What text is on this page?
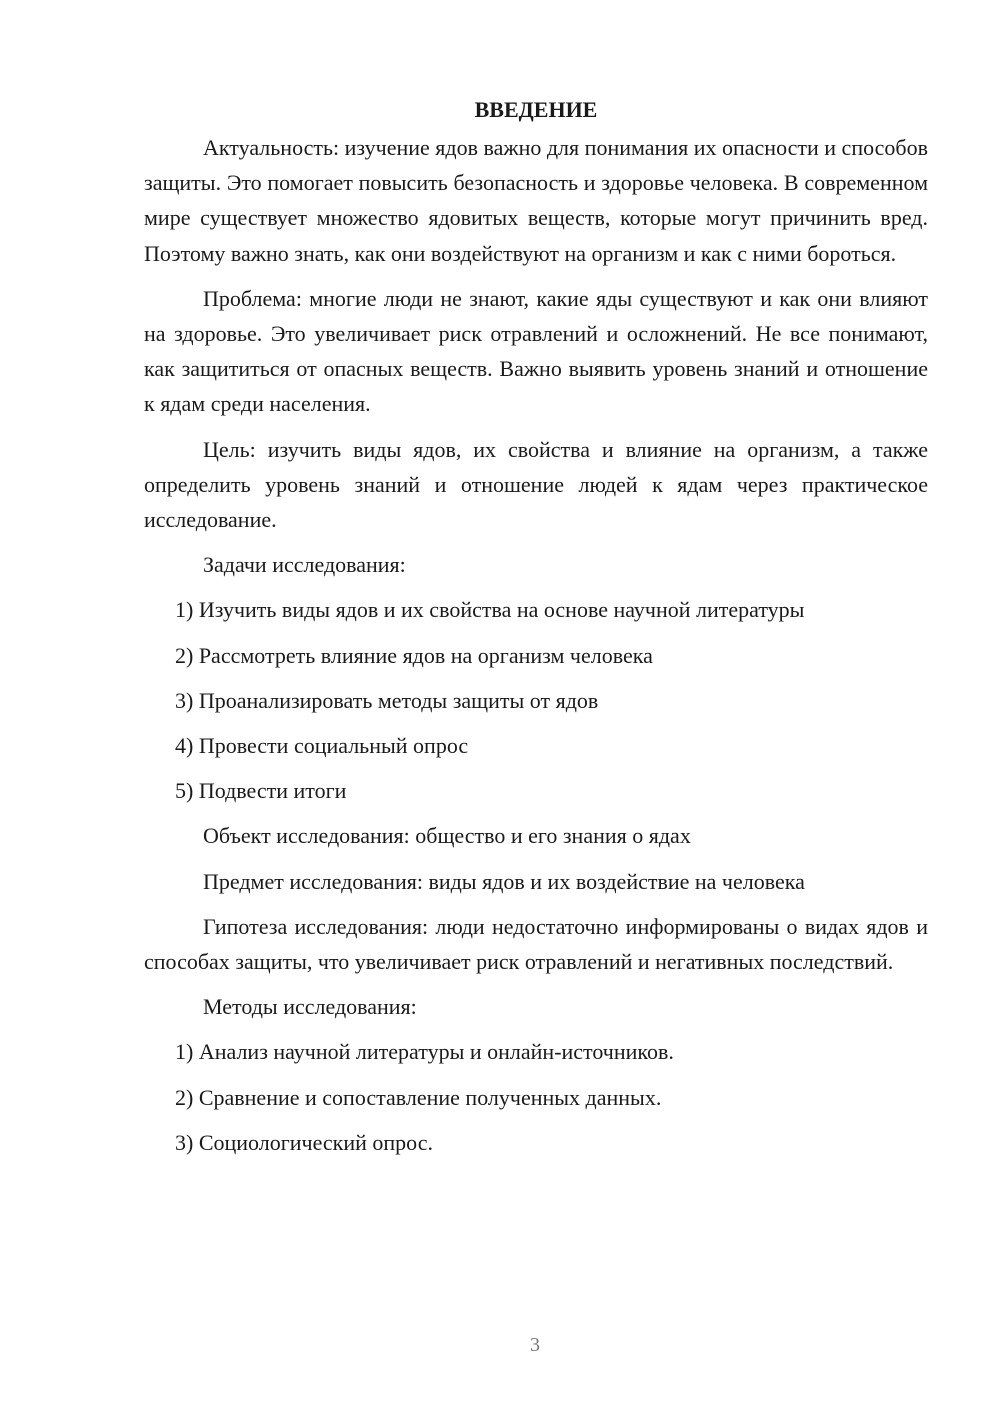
ВВЕДЕНИЕ

Актуальность: изучение ядов важно для понимания их опасности и способов защиты. Это помогает повысить безопасность и здоровье человека. В современном мире существует множество ядовитых веществ, которые могут причинить вред. Поэтому важно знать, как они воздействуют на организм и как с ними бороться.

Проблема: многие люди не знают, какие яды существуют и как они влияют на здоровье. Это увеличивает риск отравлений и осложнений. Не все понимают, как защититься от опасных веществ. Важно выявить уровень знаний и отношение к ядам среди населения.

Цель: изучить виды ядов, их свойства и влияние на организм, а также определить уровень знаний и отношение людей к ядам через практическое исследование.

Задачи исследования:
1) Изучить виды ядов и их свойства на основе научной литературы
2) Рассмотреть влияние ядов на организм человека
3) Проанализировать методы защиты от ядов
4) Провести социальный опрос
5) Подвести итоги
Объект исследования: общество и его знания о ядах
Предмет исследования: виды ядов и их воздействие на человека

Гипотеза исследования: люди недостаточно информированы о видах ядов и способах защиты, что увеличивает риск отравлений и негативных последствий.

Методы исследования:
1) Анализ научной литературы и онлайн-источников.
2) Сравнение и сопоставление полученных данных.
3) Социологический опрос.
3
